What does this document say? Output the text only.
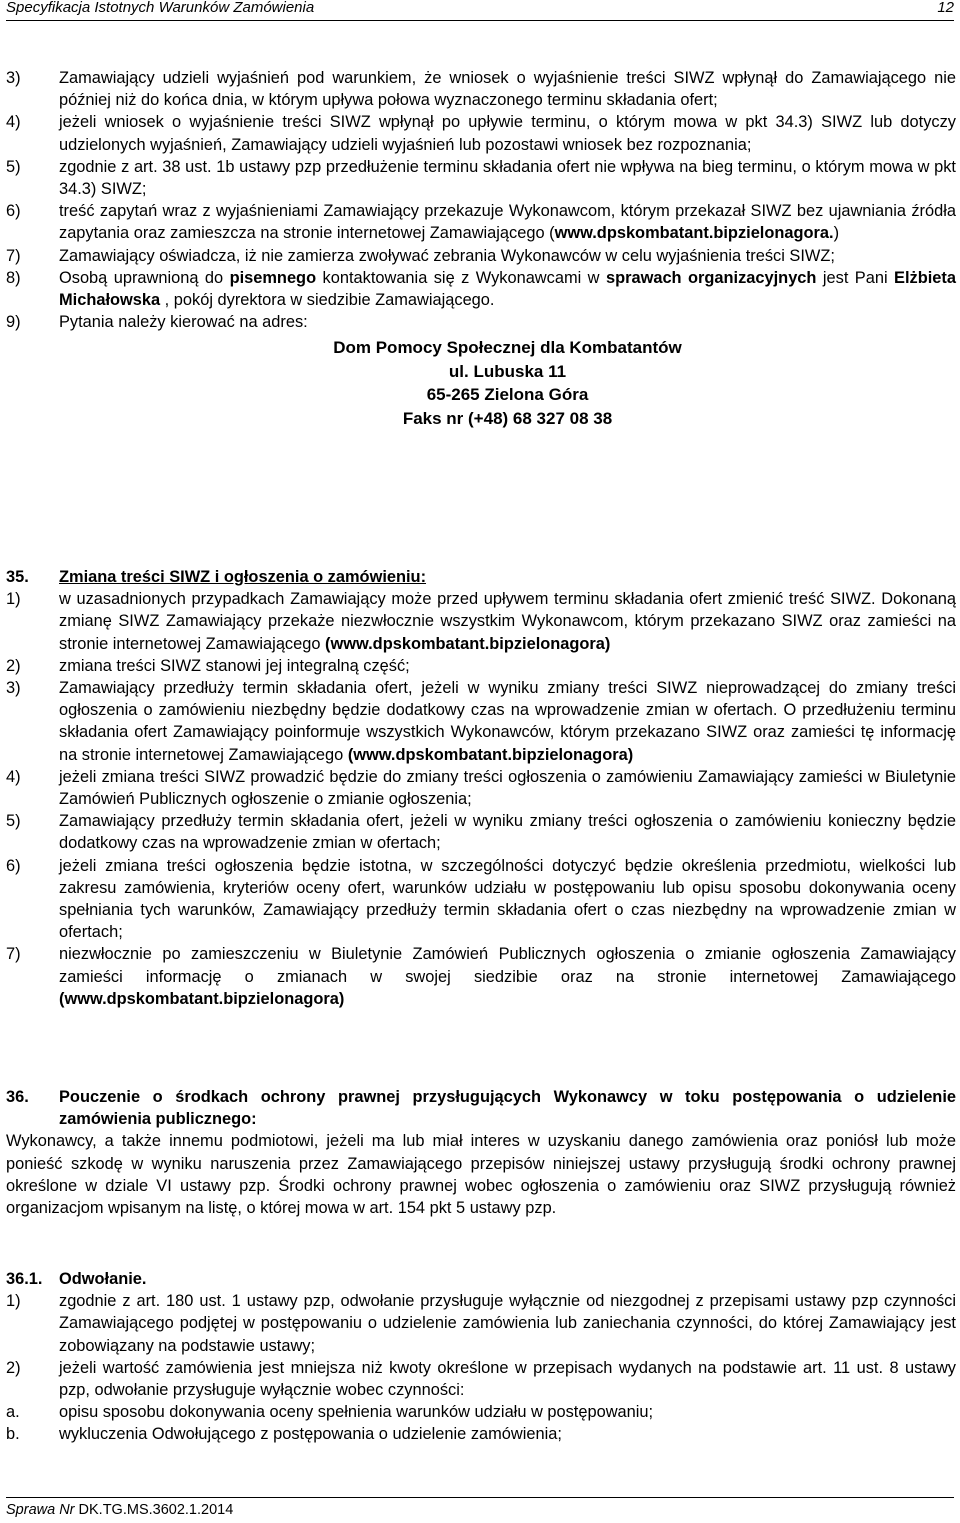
Specyfikacja Istotnych Warunków Zamówienia	12
3) Zamawiający udzieli wyjaśnień pod warunkiem, że wniosek o wyjaśnienie treści SIWZ wpłynął do Zamawiającego nie później niż do końca dnia, w którym upływa połowa wyznaczonego terminu składania ofert;
4) jeżeli wniosek o wyjaśnienie treści SIWZ wpłynął po upływie terminu, o którym mowa w pkt 34.3) SIWZ lub dotyczy udzielonych wyjaśnień, Zamawiający udzieli wyjaśnień lub pozostawi wniosek bez rozpoznania;
5) zgodnie z art. 38 ust. 1b ustawy pzp przedłużenie terminu składania ofert nie wpływa na bieg terminu, o którym mowa w pkt 34.3) SIWZ;
6) treść zapytań wraz z wyjaśnieniami Zamawiający przekazuje Wykonawcom, którym przekazał SIWZ bez ujawniania źródła zapytania oraz zamieszcza na stronie internetowej Zamawiającego (www.dpskombatant.bipzielonagora.)
7) Zamawiający oświadcza, iż nie zamierza zwoływać zebrania Wykonawców w celu wyjaśnienia treści SIWZ;
8) Osobą uprawnioną do pisemnego kontaktowania się z Wykonawcami w sprawach organizacyjnych jest Pani Elżbieta Michałowska , pokój dyrektora w siedzibie Zamawiającego.
9) Pytania należy kierować na adres:
Dom Pomocy Społecznej dla Kombatantów
ul. Lubuska 11
65-265 Zielona Góra
Faks nr (+48) 68 327 08 38
35. Zmiana treści SIWZ i ogłoszenia o zamówieniu:
1) w uzasadnionych przypadkach Zamawiający może przed upływem terminu składania ofert zmienić treść SIWZ. Dokonaną zmianę SIWZ Zamawiający przekaże niezwłocznie wszystkim Wykonawcom, którym przekazano SIWZ oraz zamieści na stronie internetowej Zamawiającego (www.dpskombatant.bipzielonagora)
2) zmiana treści SIWZ stanowi jej integralną część;
3) Zamawiający przedłuży termin składania ofert, jeżeli w wyniku zmiany treści SIWZ nieprowadzącej do zmiany treści ogłoszenia o zamówieniu niezbędny będzie dodatkowy czas na wprowadzenie zmian w ofertach. O przedłużeniu terminu składania ofert Zamawiający poinformuje wszystkich Wykonawców, którym przekazano SIWZ oraz zamieści tę informację na stronie internetowej Zamawiającego (www.dpskombatant.bipzielonagora)
4) jeżeli zmiana treści SIWZ prowadzić będzie do zmiany treści ogłoszenia o zamówieniu Zamawiający zamieści w Biuletynie Zamówień Publicznych ogłoszenie o zmianie ogłoszenia;
5) Zamawiający przedłuży termin składania ofert, jeżeli w wyniku zmiany treści ogłoszenia o zamówieniu konieczny będzie dodatkowy czas na wprowadzenie zmian w ofertach;
6) jeżeli zmiana treści ogłoszenia będzie istotna, w szczególności dotyczyć będzie określenia przedmiotu, wielkości lub zakresu zamówienia, kryteriów oceny ofert, warunków udziału w postępowaniu lub opisu sposobu dokonywania oceny spełniania tych warunków, Zamawiający przedłuży termin składania ofert o czas niezbędny na wprowadzenie zmian w ofertach;
7) niezwłocznie po zamieszczeniu w Biuletynie Zamówień Publicznych ogłoszenia o zmianie ogłoszenia Zamawiający zamieści informację o zmianach w swojej siedzibie oraz na stronie internetowej Zamawiającego (www.dpskombatant.bipzielonagora)
36. Pouczenie o środkach ochrony prawnej przysługujących Wykonawcy w toku postępowania o udzielenie zamówienia publicznego:
Wykonawcy, a także innemu podmiotowi, jeżeli ma lub miał interes w uzyskaniu danego zamówienia oraz poniósł lub może ponieść szkodę w wyniku naruszenia przez Zamawiającego przepisów niniejszej ustawy przysługują środki ochrony prawnej określone w dziale VI ustawy pzp. Środki ochrony prawnej wobec ogłoszenia o zamówieniu oraz SIWZ przysługują również organizacjom wpisanym na listę, o której mowa w art. 154 pkt 5 ustawy pzp.
36.1. Odwołanie.
1) zgodnie z art. 180 ust. 1 ustawy pzp, odwołanie przysługuje wyłącznie od niezgodnej z przepisami ustawy pzp czynności Zamawiającego podjętej w postępowaniu o udzielenie zamówienia lub zaniechania czynności, do której Zamawiający jest zobowiązany na podstawie ustawy;
2) jeżeli wartość zamówienia jest mniejsza niż kwoty określone w przepisach wydanych na podstawie art. 11 ust. 8 ustawy pzp, odwołanie przysługuje wyłącznie wobec czynności:
a. opisu sposobu dokonywania oceny spełnienia warunków udziału w postępowaniu;
b. wykluczenia Odwołującego z postępowania o udzielenie zamówienia;
Sprawa Nr DK.TG.MS.3602.1.2014
